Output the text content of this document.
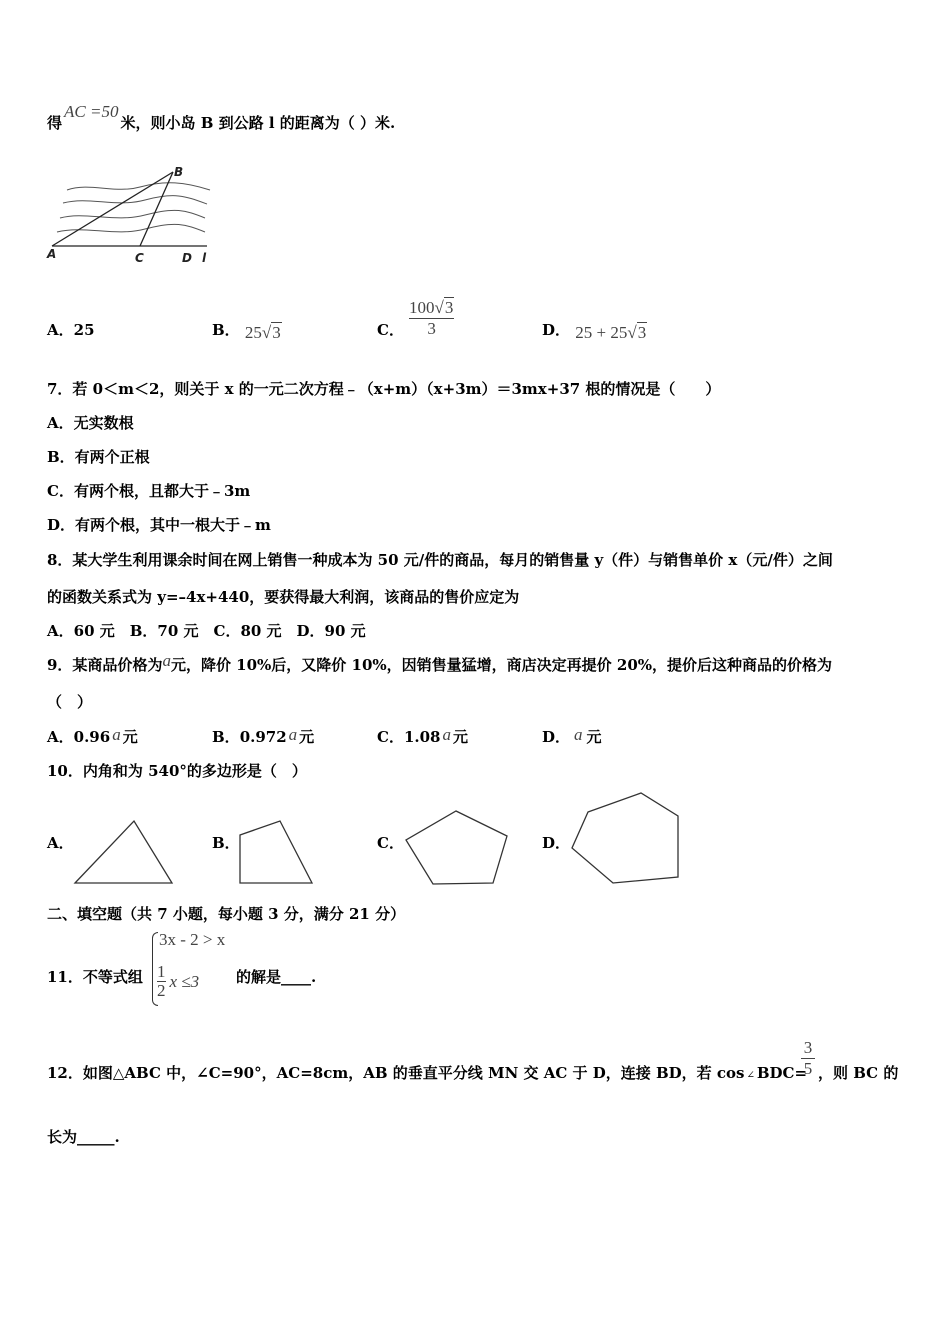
得AC =50米，则小岛 B 到公路 l 的距离为（ ）米.
A
B
C	D l
A．25	B． 25√3	C．
100√3
3	D． 25 + 25√3
7．若 0＜m＜2，则关于 x 的一元二次方程﹣（x+m）（x+3m）＝3mx+37 根的情况是（　　）
A．无实数根
B．有两个正根
C．有两个根，且都大于﹣3m
D．有两个根，其中一根大于﹣m
8．某大学生利用课余时间在网上销售一种成本为 50 元/件的商品，每月的销售量 y（件）与销售单价 x（元/件）之间
的函数关系式为 y=–4x+440，要获得最大利润，该商品的售价应定为
A．60 元　B．70 元　C．80 元　D．90 元
9．某商品价格为a元，降价 10%后，又降价 10%，因销售量猛增，商店决定再提价 20%，提价后这种商品的价格为
（　）
A．0.96 a 元	B．0.972 a 元	C．1.08 a 元	D． a 元
10．内角和为 540°的多边形是（　）
A．	B．	C．	D．
二、填空题（共 7 小题，每小题 3 分，满分 21 分）
11．不等式组
3x - 2 > x
$\frac{1}{2}$ x ≤3 的解是____.
12．如图△ABC 中，∠C=90°，AC=8cm，AB 的垂直平分线 MN 交 AC 于 D，连接 BD，若 cos ∠ BDC=
3
5 ，则 BC 的
长为_____.
